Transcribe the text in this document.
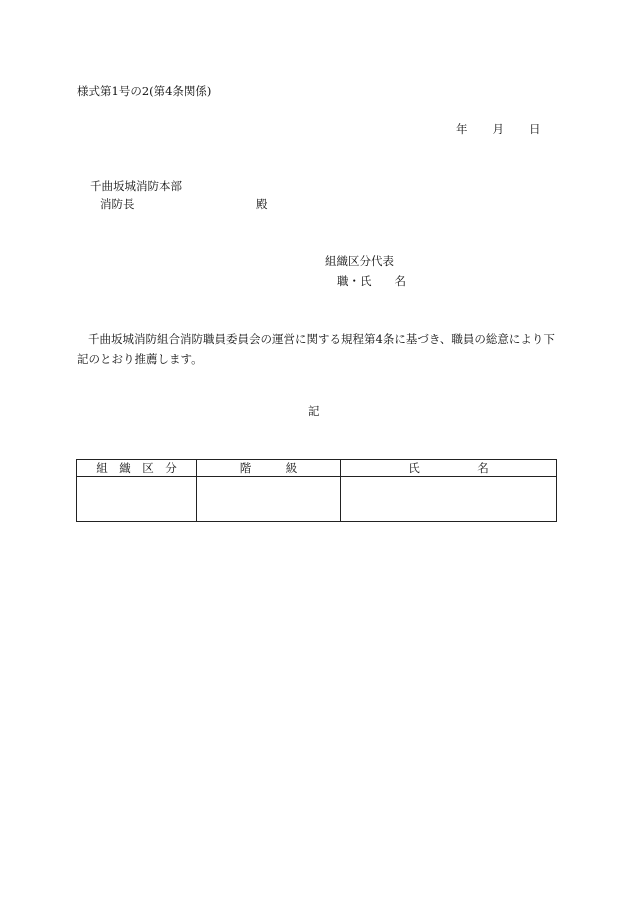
様式第1号の2(第4条関係)
年 月 日
千曲坂城消防本部
消防長	殿
組織区分代表
職・氏　　名
千曲坂城消防組合消防職員委員会の運営に関する規程第4条に基づき、職員の総意により下記のとおり推薦します。
記
組　織　区　分	階　　　級	氏　　　　　名
